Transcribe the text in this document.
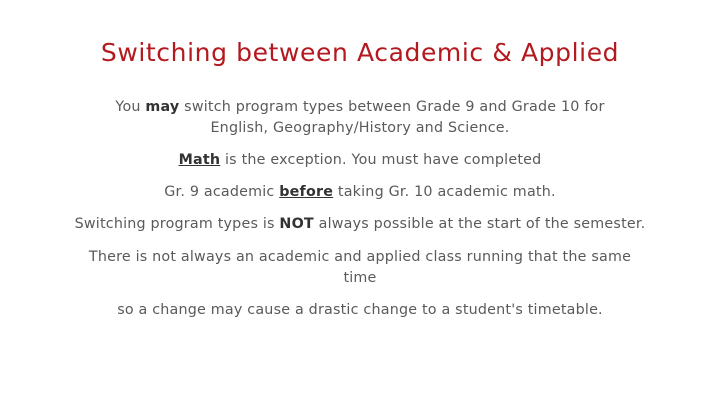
Switching between Academic & Applied
You may switch program types between Grade 9 and Grade 10 for
English, Geography/History and Science.
Math is the exception. You must have completed
Gr. 9 academic before taking Gr. 10 academic math.
Switching program types is NOT always possible at the start of the semester.
There is not always an academic and applied class running that the same
time
so a change may cause a drastic change to a student's timetable.
